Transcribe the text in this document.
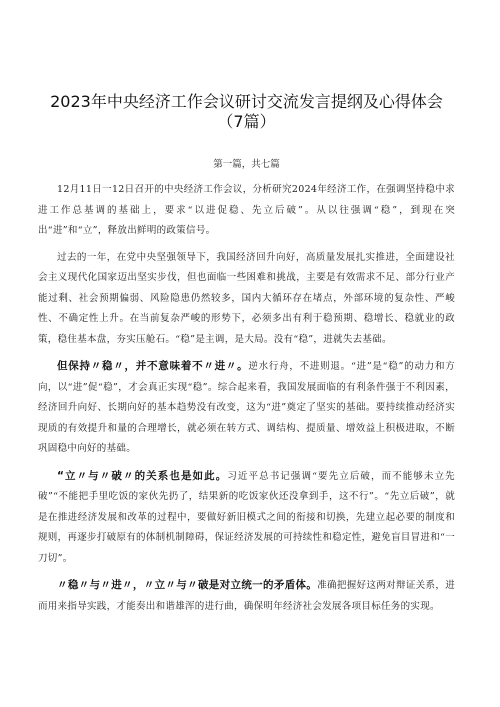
2023年中央经济工作会议研讨交流发言提纲及心得体会（7篇）
第一篇，共七篇

12月11日一12日召开的中央经济工作会议，分析研究2024年经济工作，在强调坚持稳中求进工作总基调的基础上，要求“以进促稳、先立后破”。从以往强调“稳”，到现在突出“进”和“立”，释放出鲜明的政策信号。

过去的一年，在党中央坚强领导下，我国经济回升向好，高质量发展扎实推进，全面建设社会主义现代化国家迈出坚实步伐，但也面临一些困难和挑战，主要是有效需求不足、部分行业产能过剩、社会预期偏弱、风险隐患仍然较多，国内大循环存在堵点，外部环境的复杂性、严峻性、不确定性上升。在当前复杂严峻的形势下，必须多出有利于稳预期、稳增长、稳就业的政策，稳住基本盘，夯实压舱石。“稳”是主调，是大局。没有“稳”，进就失去基础。

但保持〃稳〃，并不意味着不〃进〃。逆水行舟，不进则退。“进”是“稳”的动力和方向，以“进”促“稳”，才会真正实现“稳”。综合起来看，我国发展面临的有利条件强于不利因素，经济回升向好、长期向好的基本趋势没有改变，这为“进”奠定了坚实的基础。要持续推动经济实现质的有效提升和量的合理增长，就必须在转方式、调结构、提质量、增效益上积极进取，不断巩固稳中向好的基础。

“立〃与〃破〃的关系也是如此。习近平总书记强调“要先立后破，而不能够未立先破”“不能把手里吃饭的家伙先扔了，结果新的吃饭家伙还没拿到手，这不行”。“先立后破”，就是在推进经济发展和改革的过程中，要做好新旧模式之间的衔接和切换，先建立起必要的制度和规则，再逐步打破原有的体制机制障碍，保证经济发展的可持续性和稳定性，避免盲目冒进和“一刀切”。

〃稳〃与〃进〃，〃立〃与〃破是对立统一的矛盾体。准确把握好这两对辩证关系，进而用来指导实践，才能奏出和谐雄浑的进行曲，确保明年经济社会发展各项目标任务的实现。
